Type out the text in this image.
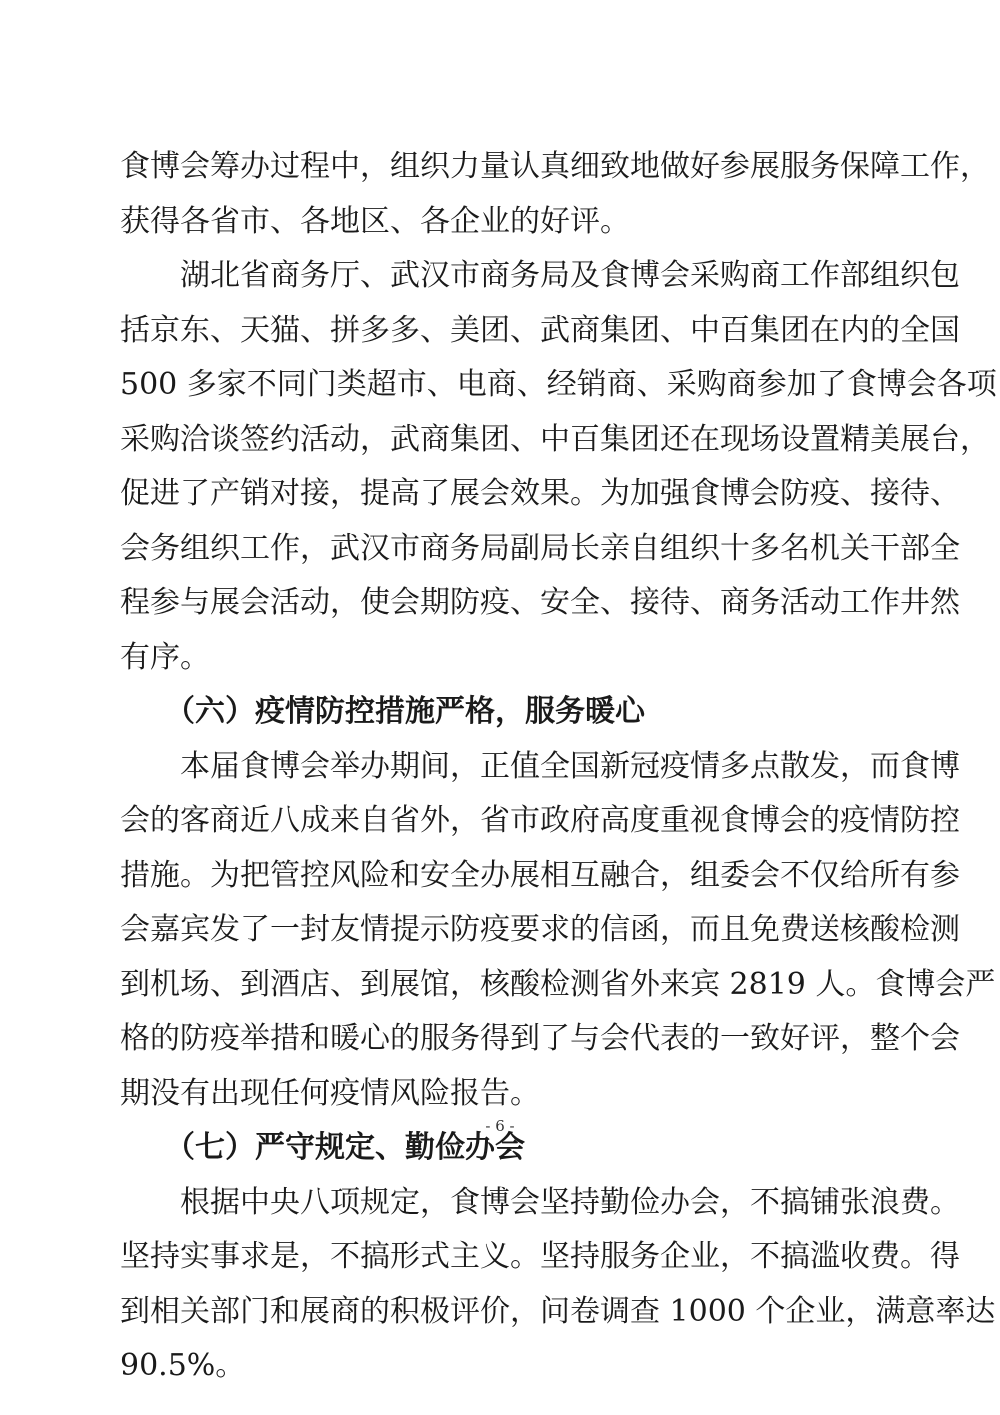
食博会筹办过程中，组织力量认真细致地做好参展服务保障工作，
获得各省市、各地区、各企业的好评。
湖北省商务厅、武汉市商务局及食博会采购商工作部组织包
括京东、天猫、拼多多、美团、武商集团、中百集团在内的全国
500 多家不同门类超市、电商、经销商、采购商参加了食博会各项
采购洽谈签约活动，武商集团、中百集团还在现场设置精美展台，
促进了产销对接，提高了展会效果。为加强食博会防疫、接待、
会务组织工作，武汉市商务局副局长亲自组织十多名机关干部全
程参与展会活动，使会期防疫、安全、接待、商务活动工作井然
有序。
（六）疫情防控措施严格，服务暖心
本届食博会举办期间，正值全国新冠疫情多点散发，而食博
会的客商近八成来自省外，省市政府高度重视食博会的疫情防控
措施。为把管控风险和安全办展相互融合，组委会不仅给所有参
会嘉宾发了一封友情提示防疫要求的信函，而且免费送核酸检测
到机场、到酒店、到展馆，核酸检测省外来宾 2819 人。食博会严
格的防疫举措和暖心的服务得到了与会代表的一致好评，整个会
期没有出现任何疫情风险报告。
（七）严守规定、勤俭办会
根据中央八项规定，食博会坚持勤俭办会，不搞铺张浪费。
坚持实事求是，不搞形式主义。坚持服务企业，不搞滥收费。得
到相关部门和展商的积极评价，问卷调查 1000 个企业，满意率达
90.5%。
- 6 -
